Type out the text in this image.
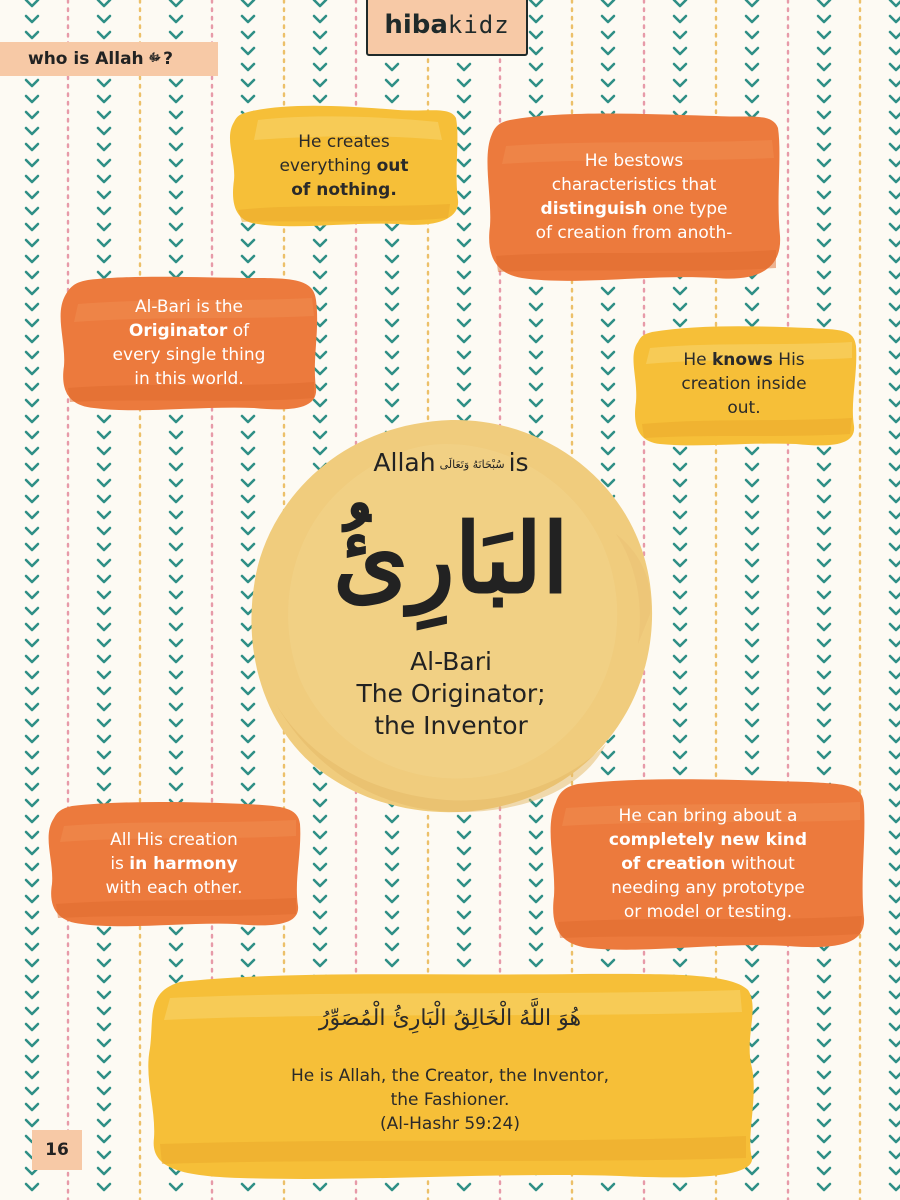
who is Allah ﷻ ?
hiba kidz
He creates
everything out
of nothing.
He bestows
characteristics that
distinguish one type
of creation from anoth-
Al-Bari is the
Originator of
every single thing
in this world.
He knows His
creation inside
out.
Allah سُبْحَانَهُ وَتَعَالَى is
البَارِئُ
Al-Bari
The Originator;
the Inventor
All His creation
is in harmony
with each other.
He can bring about a
completely new kind
of creation without
needing any prototype
or model or testing.
هُوَ اللَّهُ الْخَالِقُ الْبَارِئُ الْمُصَوِّرُ
He is Allah, the Creator, the Inventor,
the Fashioner.
(Al-Hashr 59:24)
16
